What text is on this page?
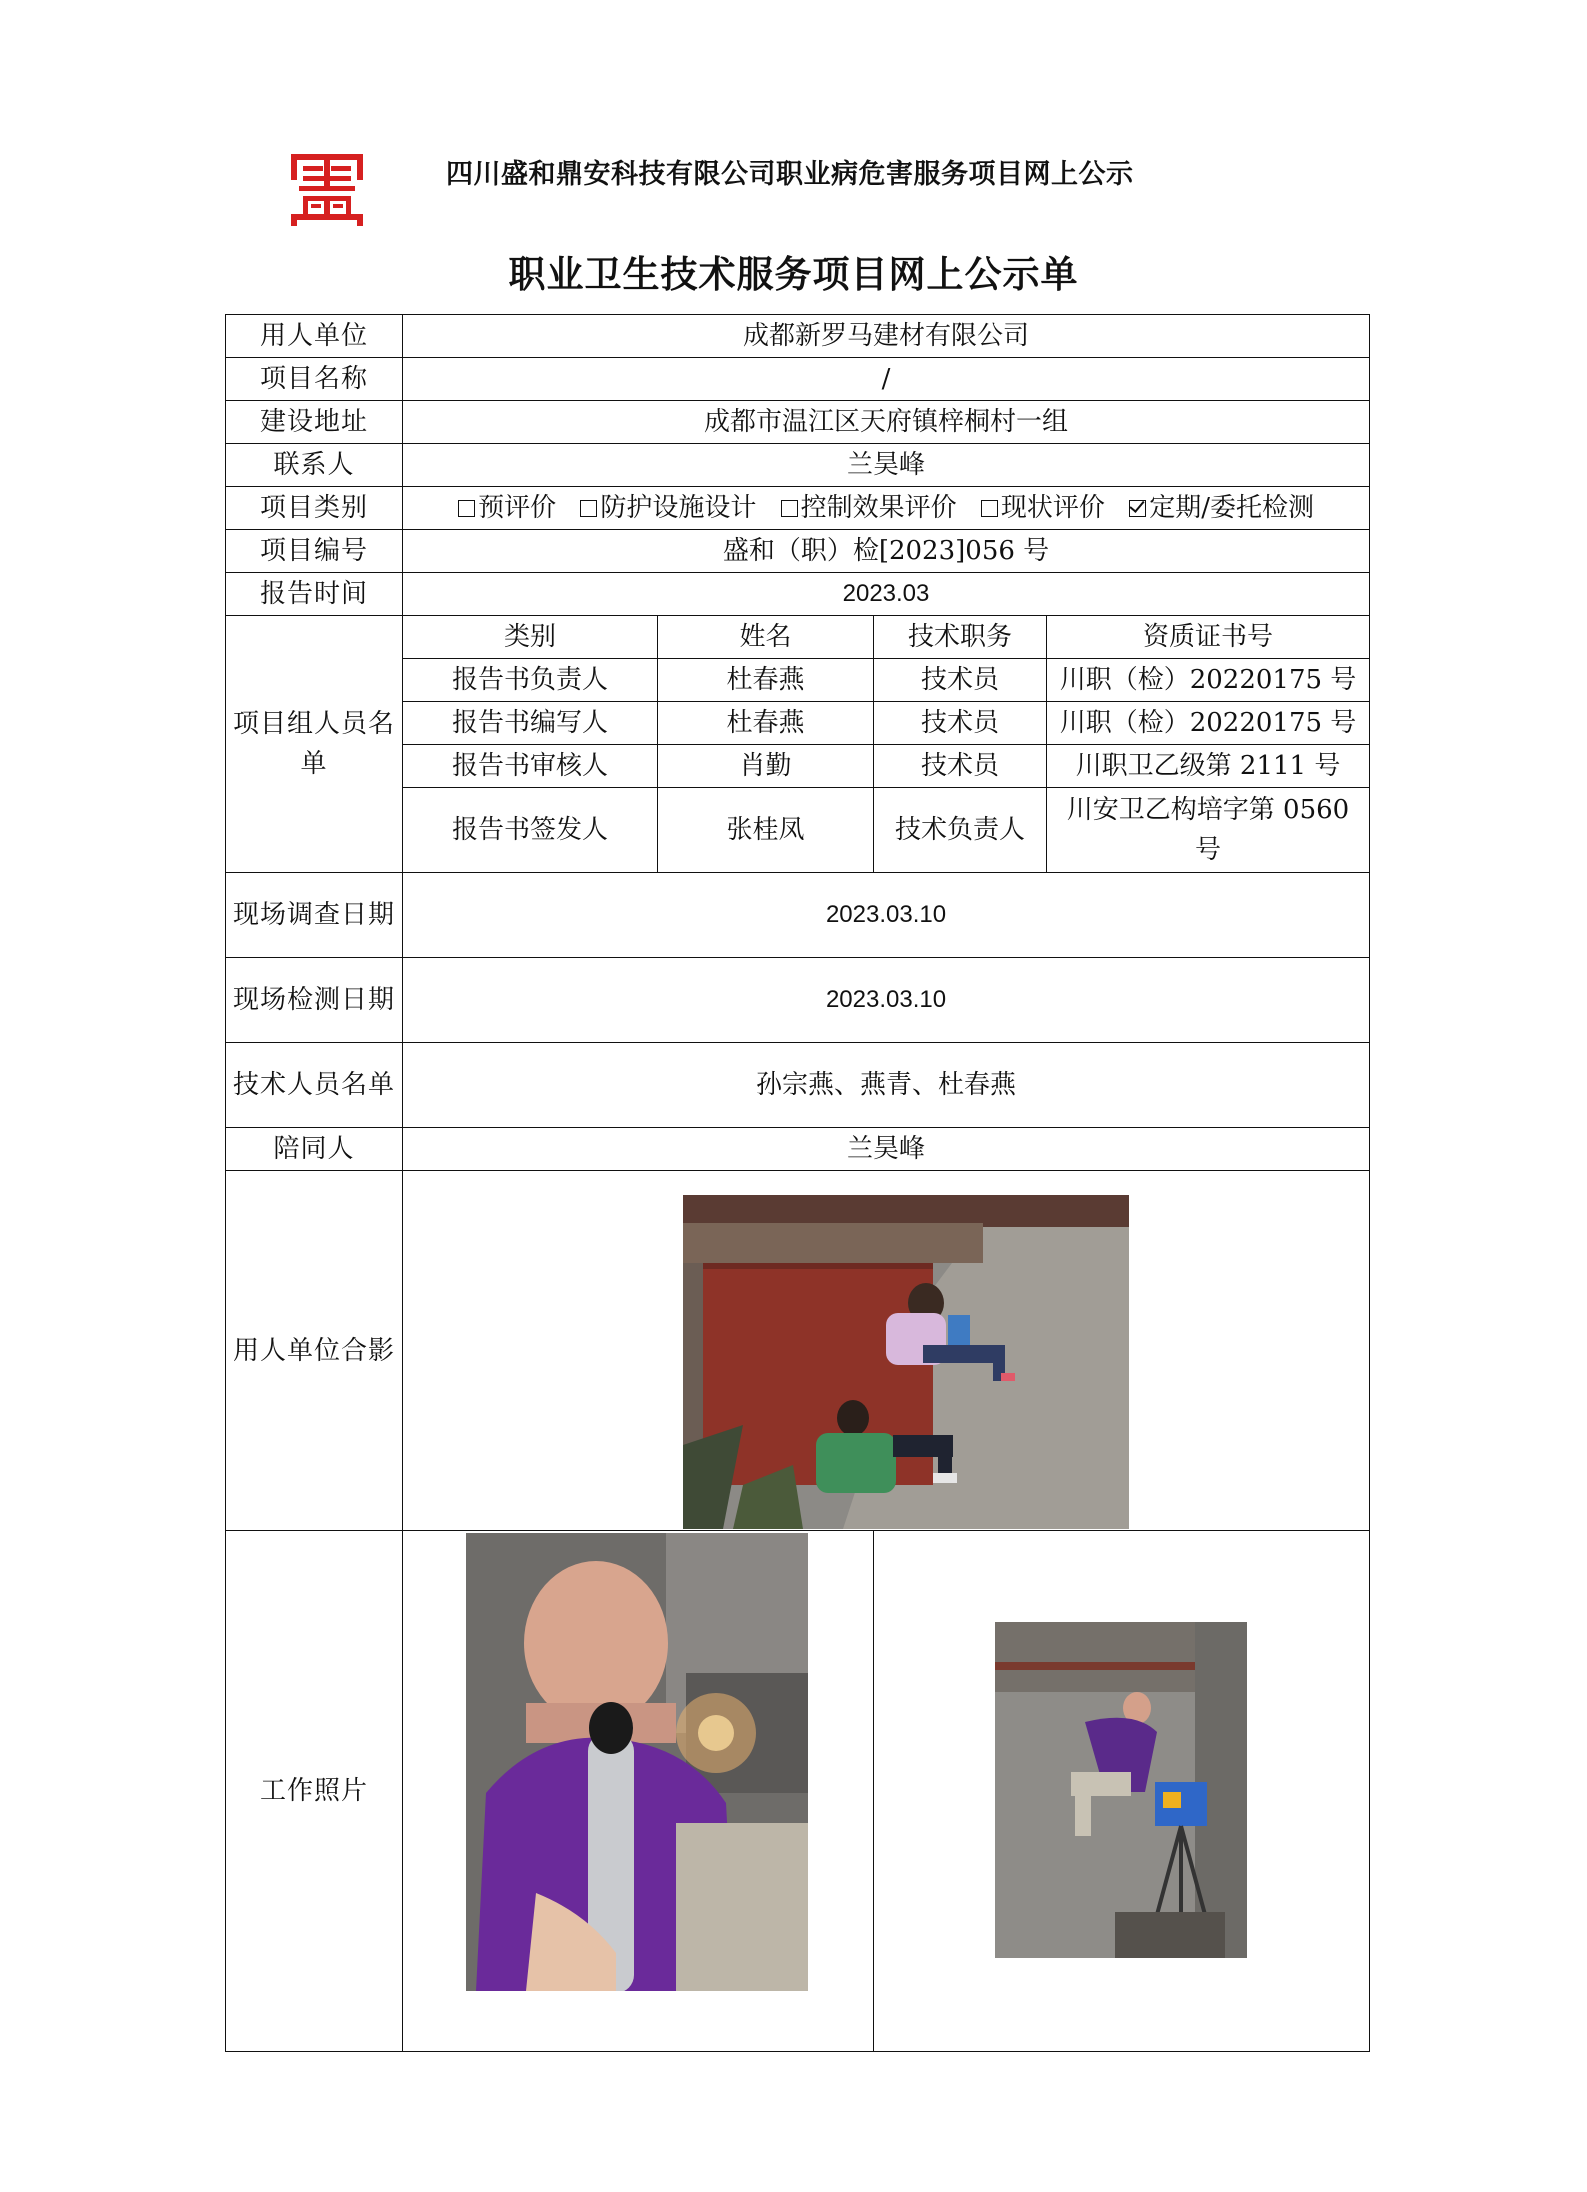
四川盛和鼎安科技有限公司职业病危害服务项目网上公示
职业卫生技术服务项目网上公示单
用人单位	成都新罗马建材有限公司			
项目名称	/			
建设地址	成都市温江区天府镇梓桐村一组			
联系人	兰昊峰			
项目类别	预评价 防护设施设计 控制效果评价 现状评价 定期/委托检测			
项目编号	盛和（职）检[2023]056 号			
报告时间	2023.03			
项目组人员名单	类别	姓名	技术职务	资质证书号
	报告书负责人	杜春燕	技术员	川职（检）20220175 号
	报告书编写人	杜春燕	技术员	川职（检）20220175 号
	报告书审核人	肖勤	技术员	川职卫乙级第 2111 号
	报告书签发人	张桂凤	技术负责人	川安卫乙构培字第 0560 号
现场调查日期	2023.03.10			
现场检测日期	2023.03.10			
技术人员名单	孙宗燕、燕青、杜春燕			
陪同人	兰昊峰			
用人单位合影	

工作照片	
